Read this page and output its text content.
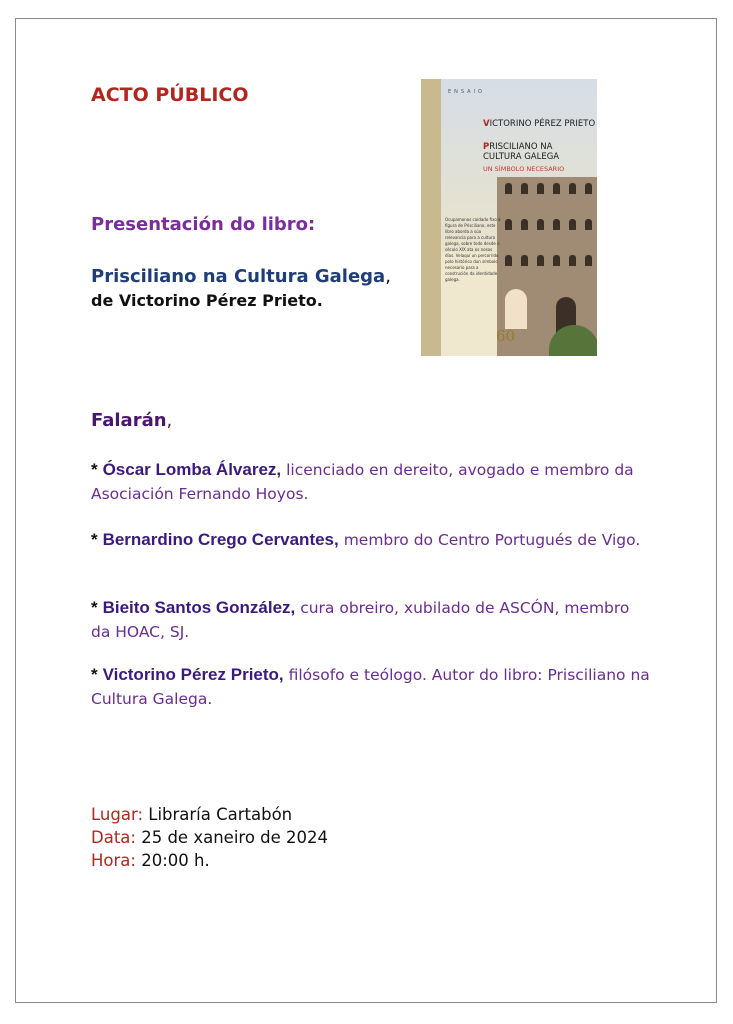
ACTO PÚBLICO
Presentación do libro:
Prisciliano na Cultura Galega,
de Victorino Pérez Prieto.
Falarán,
* Óscar Lomba Álvarez, licenciado en dereito, avogado e membro da Asociación Fernando Hoyos.
* Bernardino Crego Cervantes, membro do Centro Portugués de Vigo.
* Bieito Santos González, cura obreiro, xubilado de ASCÓN, membro da HOAC, SJ.
* Victorino Pérez Prieto, filósofo e teólogo. Autor do libro: Prisciliano na Cultura Galega.
Lugar: Libraría Cartabón
Data: 25 de xaneiro de 2024
Hora: 20:00 h.
ENSAIO
VICTORINO PÉREZ PRIETO
PRISCILIANO NA CULTURA GALEGA
UN SÍMBOLO NECESARIO
Ocupamonos coidado fixo á figura de Prisciliano, este libro aborda a súa relevancia para a cultura galega, sobre todo desde o século XIX ata os nosos días. Velaquí un percorrido polo histórico dun símbolo necesario para a construción da identidade galega.
60
